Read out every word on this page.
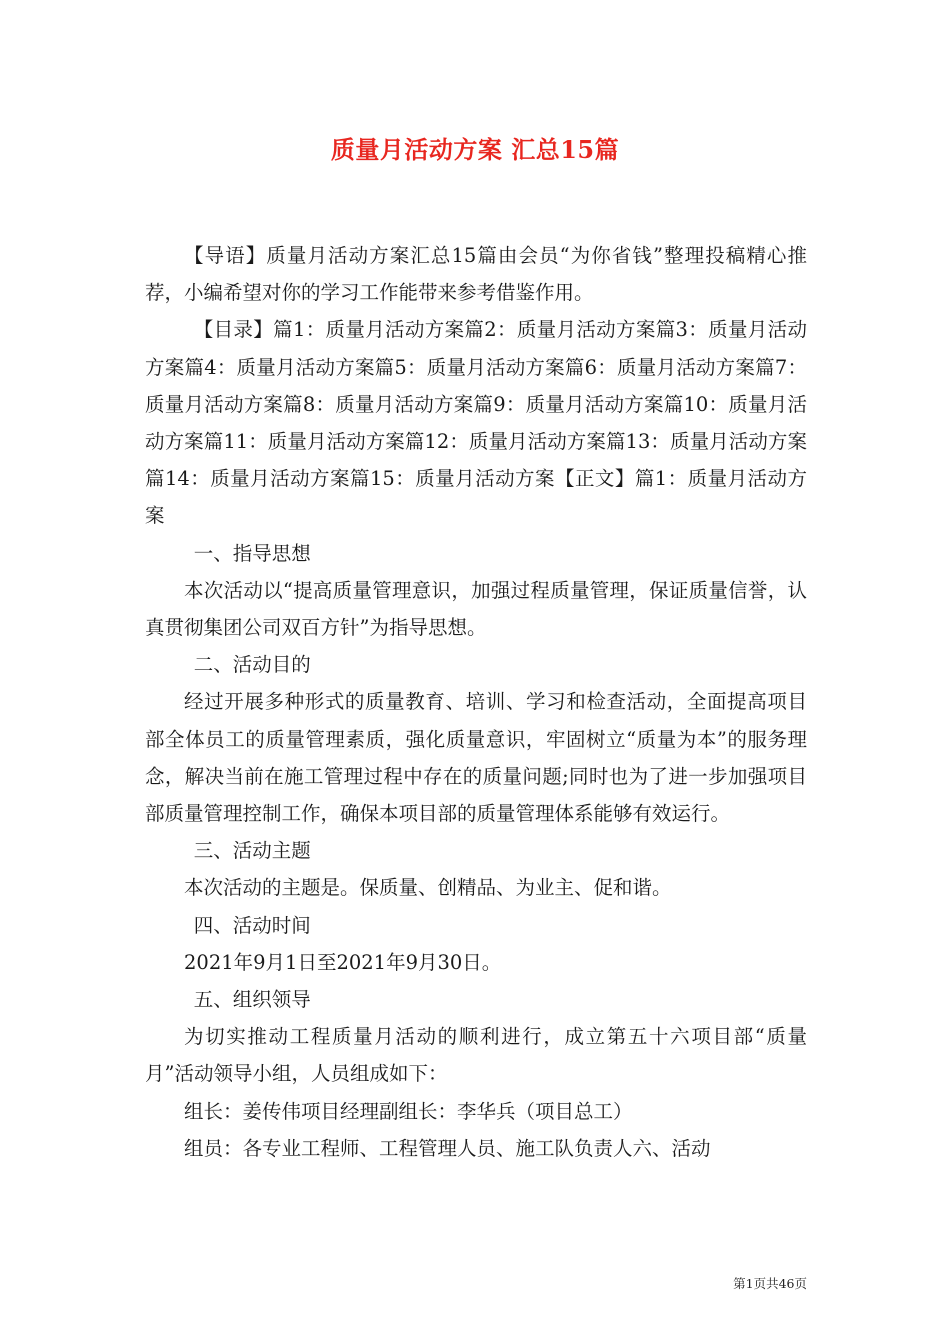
质量月活动方案 汇总15篇

【导语】质量月活动方案汇总15篇由会员“为你省钱”整理投稿精心推荐，小编希望对你的学习工作能带来参考借鉴作用。

【目录】篇1：质量月活动方案篇2：质量月活动方案篇3：质量月活动方案篇4：质量月活动方案篇5：质量月活动方案篇6：质量月活动方案篇7：质量月活动方案篇8：质量月活动方案篇9：质量月活动方案篇10：质量月活动方案篇11：质量月活动方案篇12：质量月活动方案篇13：质量月活动方案篇14：质量月活动方案篇15：质量月活动方案【正文】篇1：质量月活动方案

一、指导思想

本次活动以“提高质量管理意识，加强过程质量管理，保证质量信誉，认真贯彻集团公司双百方针”为指导思想。

二、活动目的

经过开展多种形式的质量教育、培训、学习和检查活动，全面提高项目部全体员工的质量管理素质，强化质量意识，牢固树立“质量为本”的服务理念，解决当前在施工管理过程中存在的质量问题;同时也为了进一步加强项目部质量管理控制工作，确保本项目部的质量管理体系能够有效运行。

三、活动主题

本次活动的主题是。保质量、创精品、为业主、促和谐。

四、活动时间

2021年9月1日至2021年9月30日。

五、组织领导

为切实推动工程质量月活动的顺利进行，成立第五十六项目部“质量月”活动领导小组，人员组成如下：

组长：姜传伟项目经理副组长：李华兵（项目总工）

组员：各专业工程师、工程管理人员、施工队负责人六、活动

第1页共46页
